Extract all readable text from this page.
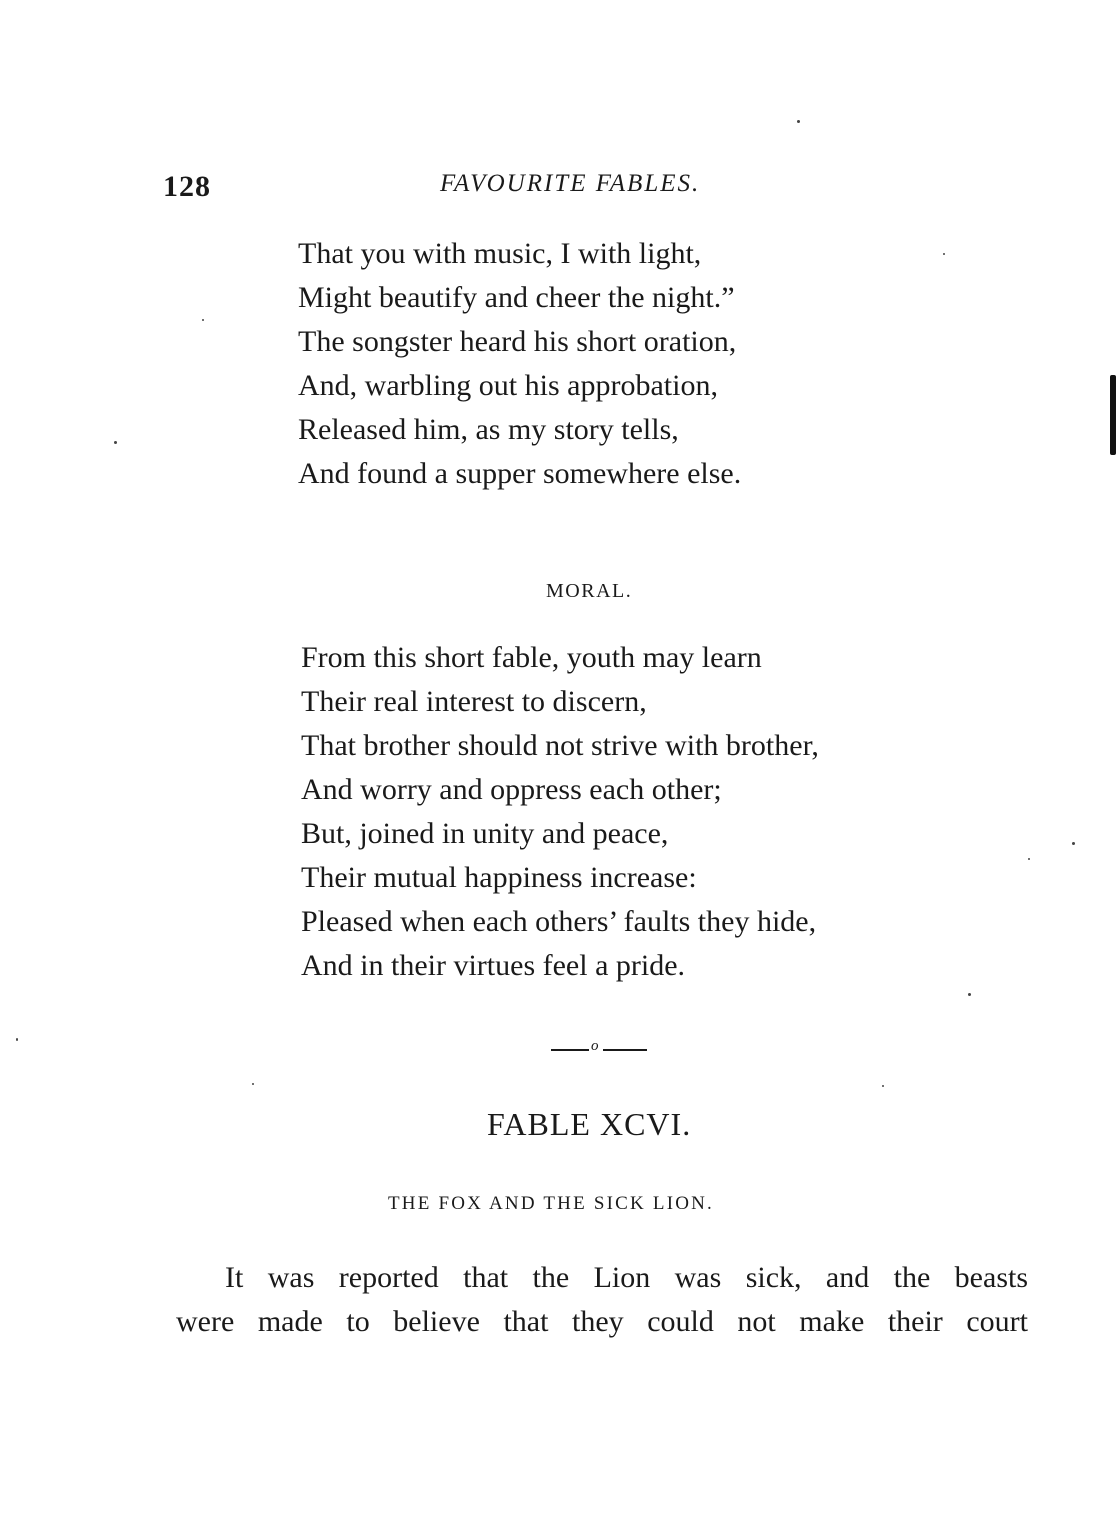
128	FAVOURITE FABLES.
That you with music, I with light,
Might beautify and cheer the night.”
The songster heard his short oration,
And, warbling out his approbation,
Released him, as my story tells,
And found a supper somewhere else.
MORAL.
From this short fable, youth may learn
Their real interest to discern,
That brother should not strive with brother,
And worry and oppress each other;
But, joined in unity and peace,
Their mutual happiness increase:
Pleased when each others’ faults they hide,
And in their virtues feel a pride.
o
FABLE XCVI.
THE FOX AND THE SICK LION.
It was reported that the Lion was sick, and the beasts
were made to believe that they could not make their court
